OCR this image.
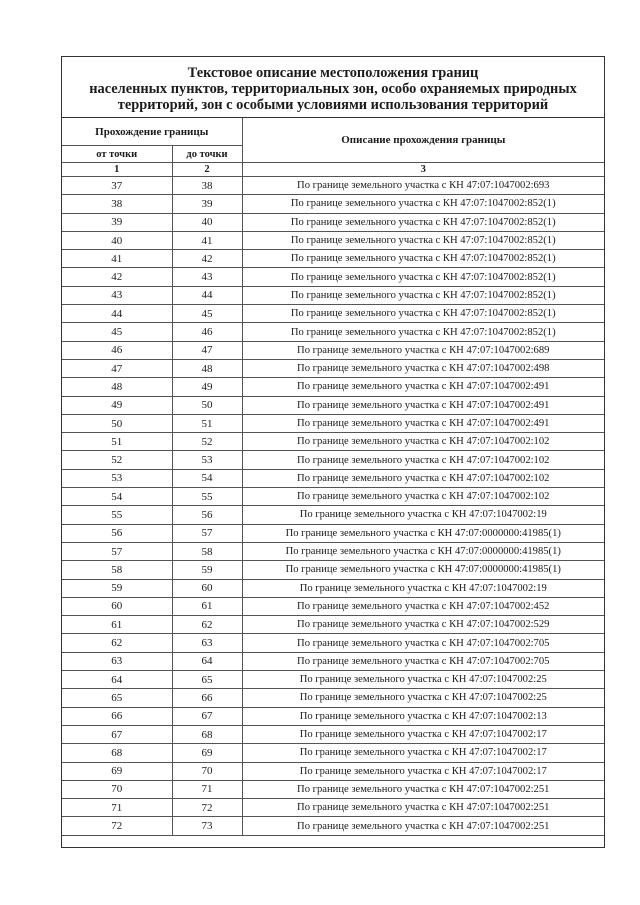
Текстовое описание местоположения границ
населенных пунктов, территориальных зон, особо охраняемых природных
территорий, зон с особыми условиями использования территорий
Прохождение границы		Описание прохождения границы
от точки	до точки	
1	2	3
37	38	По границе земельного участка с КН 47:07:1047002:693
38	39	По границе земельного участка с КН 47:07:1047002:852(1)
39	40	По границе земельного участка с КН 47:07:1047002:852(1)
40	41	По границе земельного участка с КН 47:07:1047002:852(1)
41	42	По границе земельного участка с КН 47:07:1047002:852(1)
42	43	По границе земельного участка с КН 47:07:1047002:852(1)
43	44	По границе земельного участка с КН 47:07:1047002:852(1)
44	45	По границе земельного участка с КН 47:07:1047002:852(1)
45	46	По границе земельного участка с КН 47:07:1047002:852(1)
46	47	По границе земельного участка с КН 47:07:1047002:689
47	48	По границе земельного участка с КН 47:07:1047002:498
48	49	По границе земельного участка с КН 47:07:1047002:491
49	50	По границе земельного участка с КН 47:07:1047002:491
50	51	По границе земельного участка с КН 47:07:1047002:491
51	52	По границе земельного участка с КН 47:07:1047002:102
52	53	По границе земельного участка с КН 47:07:1047002:102
53	54	По границе земельного участка с КН 47:07:1047002:102
54	55	По границе земельного участка с КН 47:07:1047002:102
55	56	По границе земельного участка с КН 47:07:1047002:19
56	57	По границе земельного участка с КН 47:07:0000000:41985(1)
57	58	По границе земельного участка с КН 47:07:0000000:41985(1)
58	59	По границе земельного участка с КН 47:07:0000000:41985(1)
59	60	По границе земельного участка с КН 47:07:1047002:19
60	61	По границе земельного участка с КН 47:07:1047002:452
61	62	По границе земельного участка с КН 47:07:1047002:529
62	63	По границе земельного участка с КН 47:07:1047002:705
63	64	По границе земельного участка с КН 47:07:1047002:705
64	65	По границе земельного участка с КН 47:07:1047002:25
65	66	По границе земельного участка с КН 47:07:1047002:25
66	67	По границе земельного участка с КН 47:07:1047002:13
67	68	По границе земельного участка с КН 47:07:1047002:17
68	69	По границе земельного участка с КН 47:07:1047002:17
69	70	По границе земельного участка с КН 47:07:1047002:17
70	71	По границе земельного участка с КН 47:07:1047002:251
71	72	По границе земельного участка с КН 47:07:1047002:251
72	73	По границе земельного участка с КН 47:07:1047002:251
